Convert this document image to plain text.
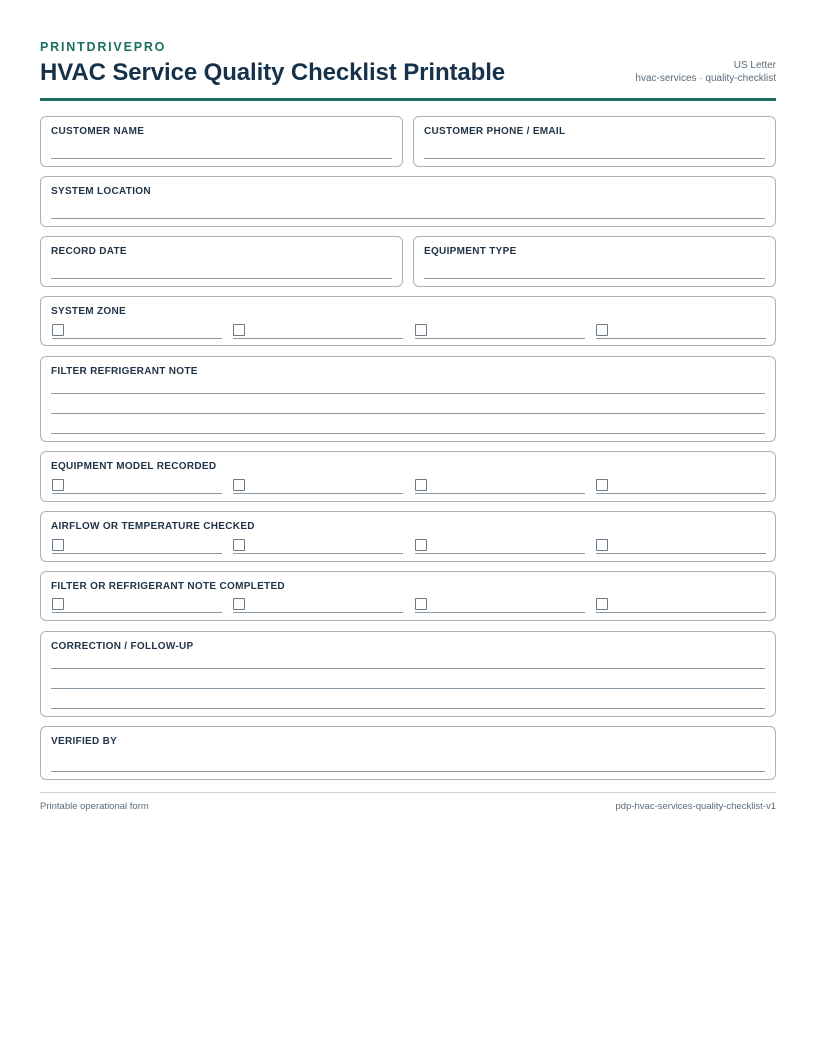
PRINTDRIVEPRO
HVAC Service Quality Checklist Printable	US Letter
hvac-services · quality-checklist
CUSTOMER NAME	CUSTOMER PHONE / EMAIL
SYSTEM LOCATION
RECORD DATE	EQUIPMENT TYPE
SYSTEM ZONE
FILTER REFRIGERANT NOTE
EQUIPMENT MODEL RECORDED
AIRFLOW OR TEMPERATURE CHECKED
FILTER OR REFRIGERANT NOTE COMPLETED
CORRECTION / FOLLOW-UP
VERIFIED BY
Printable operational form	pdp-hvac-services-quality-checklist-v1
